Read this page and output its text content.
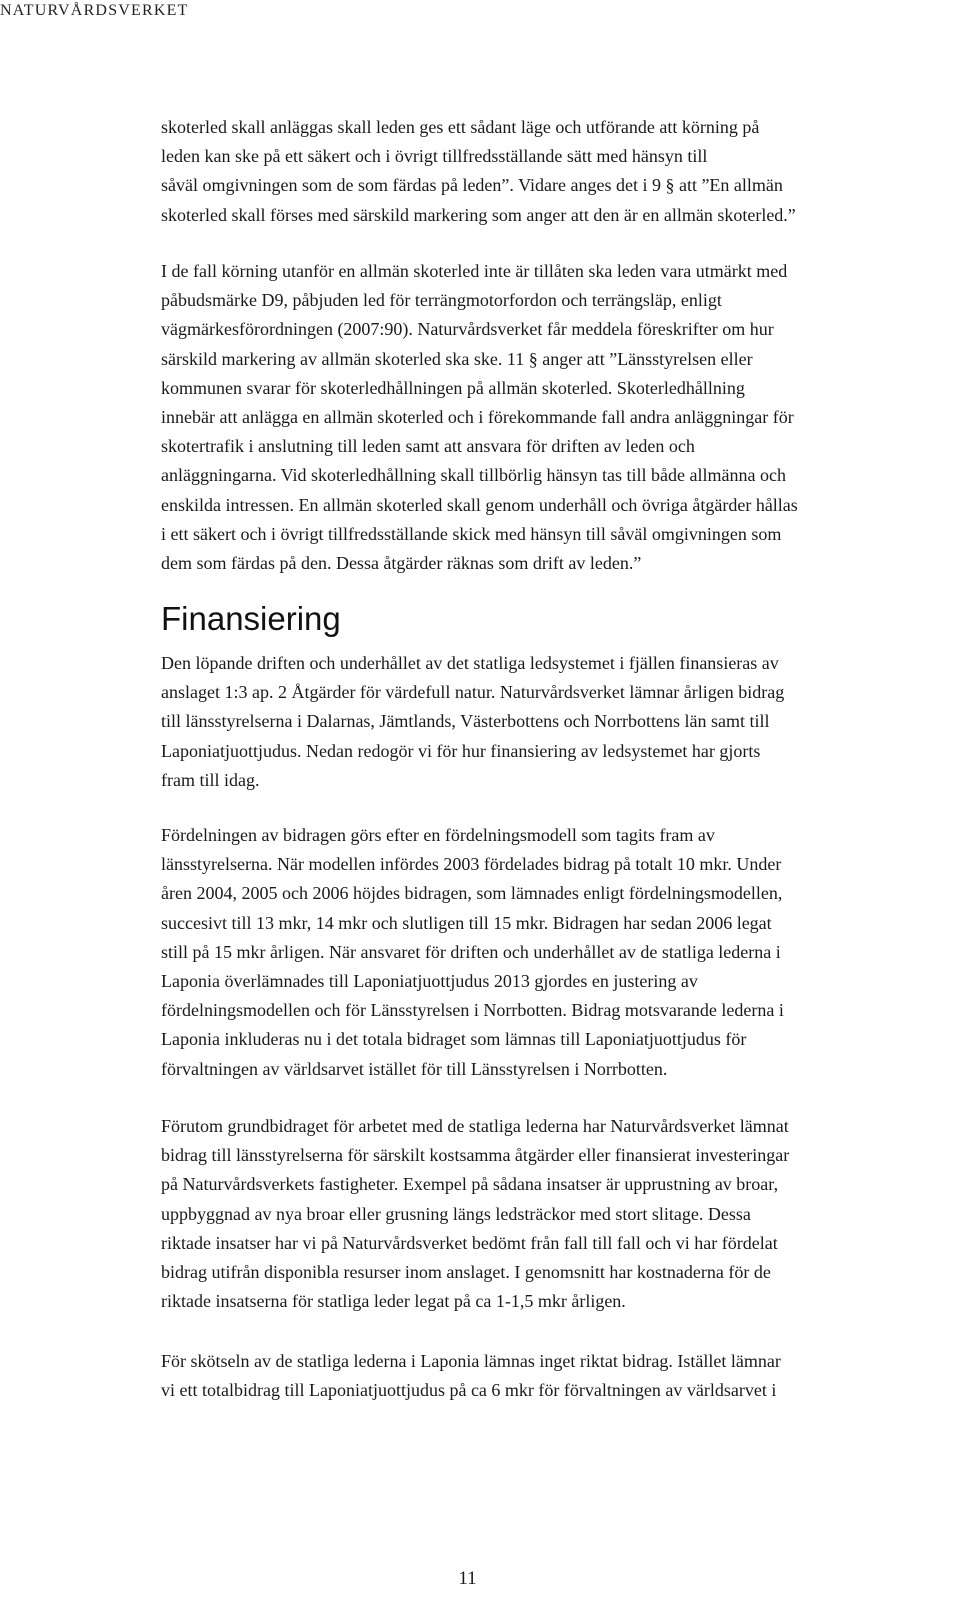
NATURVÅRDSVERKET

skoterled skall anläggas skall leden ges ett sådant läge och utförande att körning på
leden kan ske på ett säkert och i övrigt tillfredsställande sätt med hänsyn till
såväl omgivningen som de som färdas på leden”. Vidare anges det i 9 § att ”En allmän
skoterled skall förses med särskild markering som anger att den är en allmän skoterled.”

I de fall körning utanför en allmän skoterled inte är tillåten ska leden vara utmärkt med
påbudsmärke D9, påbjuden led för terrängmotorfordon och terrängsläp, enligt
vägmärkesförordningen (2007:90). Naturvårdsverket får meddela föreskrifter om hur
särskild markering av allmän skoterled ska ske. 11 § anger att ”Länsstyrelsen eller
kommunen svarar för skoterledhållningen på allmän skoterled. Skoterledhållning
innebär att anlägga en allmän skoterled och i förekommande fall andra anläggningar för
skotertrafik i anslutning till leden samt att ansvara för driften av leden och
anläggningarna. Vid skoterledhållning skall tillbörlig hänsyn tas till både allmänna och
enskilda intressen. En allmän skoterled skall genom underhåll och övriga åtgärder hållas
i ett säkert och i övrigt tillfredsställande skick med hänsyn till såväl omgivningen som
dem som färdas på den. Dessa åtgärder räknas som drift av leden.”

Finansiering

Den löpande driften och underhållet av det statliga ledsystemet i fjällen finansieras av
anslaget 1:3 ap. 2 Åtgärder för värdefull natur. Naturvårdsverket lämnar årligen bidrag
till länsstyrelserna i Dalarnas, Jämtlands, Västerbottens och Norrbottens län samt till
Laponiatjuottjudus. Nedan redogör vi för hur finansiering av ledsystemet har gjorts
fram till idag.

Fördelningen av bidragen görs efter en fördelningsmodell som tagits fram av
länsstyrelserna. När modellen infördes 2003 fördelades bidrag på totalt 10 mkr. Under
åren 2004, 2005 och 2006 höjdes bidragen, som lämnades enligt fördelningsmodellen,
succesivt till 13 mkr, 14 mkr och slutligen till 15 mkr. Bidragen har sedan 2006 legat
still på 15 mkr årligen. När ansvaret för driften och underhållet av de statliga lederna i
Laponia överlämnades till Laponiatjuottjudus 2013 gjordes en justering av
fördelningsmodellen och för Länsstyrelsen i Norrbotten. Bidrag motsvarande lederna i
Laponia inkluderas nu i det totala bidraget som lämnas till Laponiatjuottjudus för
förvaltningen av världsarvet istället för till Länsstyrelsen i Norrbotten.

Förutom grundbidraget för arbetet med de statliga lederna har Naturvårdsverket lämnat
bidrag till länsstyrelserna för särskilt kostsamma åtgärder eller finansierat investeringar
på Naturvårdsverkets fastigheter. Exempel på sådana insatser är upprustning av broar,
uppbyggnad av nya broar eller grusning längs ledsträckor med stort slitage. Dessa
riktade insatser har vi på Naturvårdsverket bedömt från fall till fall och vi har fördelat
bidrag utifrån disponibla resurser inom anslaget. I genomsnitt har kostnaderna för de
riktade insatserna för statliga leder legat på ca 1-1,5 mkr årligen.

För skötseln av de statliga lederna i Laponia lämnas inget riktat bidrag. Istället lämnar
vi ett totalbidrag till Laponiatjuottjudus på ca 6 mkr för förvaltningen av världsarvet i

11
